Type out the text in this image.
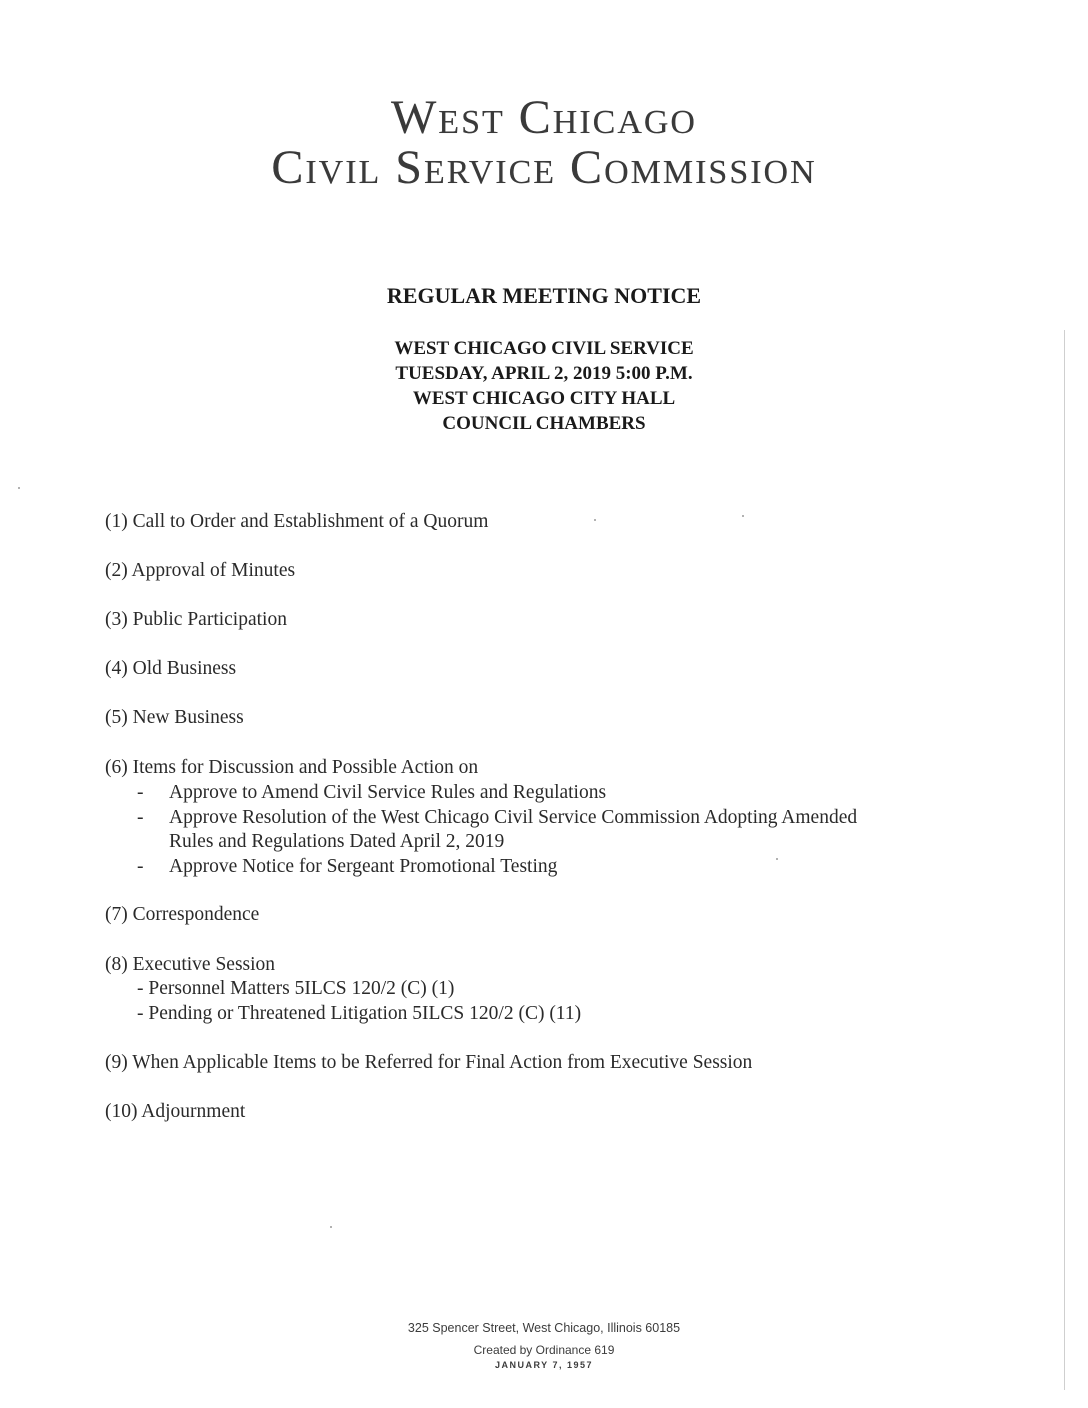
West Chicago
Civil Service Commission
REGULAR MEETING NOTICE
WEST CHICAGO CIVIL SERVICE
TUESDAY, APRIL 2, 2019 5:00 P.M.
WEST CHICAGO CITY HALL
COUNCIL CHAMBERS
(1) Call to Order and Establishment of a Quorum
(2) Approval of Minutes
(3) Public Participation
(4) Old Business
(5) New Business
(6) Items for Discussion and Possible Action on
- Approve to Amend Civil Service Rules and Regulations
- Approve Resolution of the West Chicago Civil Service Commission Adopting Amended
Rules and Regulations Dated April 2, 2019
- Approve Notice for Sergeant Promotional Testing
(7) Correspondence
(8) Executive Session
- Personnel Matters 5ILCS 120/2 (C) (1)
- Pending or Threatened Litigation 5ILCS 120/2 (C) (11)
(9) When Applicable Items to be Referred for Final Action from Executive Session
(10) Adjournment
325 Spencer Street, West Chicago, Illinois 60185
Created by Ordinance 619
JANUARY 7, 1957
